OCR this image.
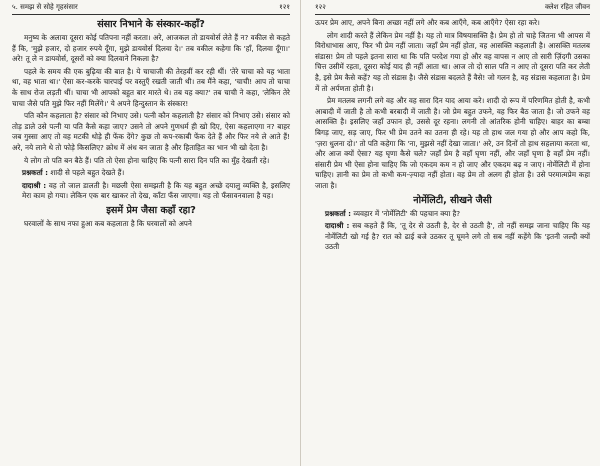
५. समझ से सोहे गृहसंसार	१२१
संसार निभाने के संस्कार-कहाँ?

मनुष्य के अलावा दूसरा कोई पतिपना नहीं करता। अरे, आजकल तो डायवोर्स लेते हैं न? वकील से कहते हैं कि, 'मुझे हजार, दो हजार रुपये दूँगा, मुझे डायवोर्स दिलवा दे।' तब वकील कहेगा कि 'हाँ, दिलवा दूँगा।' अरे! तू ले न डायवोर्स, दूसरों को क्या दिलवाने निकला है?

पहले के समय की एक बुढ़िया की बात है। ये चाचाजी की तेरहवीं कर रही थीं। 'तेरे चाचा को यह भाता था, वह भाता था।' ऐसा कर-करके चारपाई पर वस्तुएँ रखती जाती थी। तब मैंने कहा, 'चाची! आप तो चाचा के साथ रोज लड़ती थीं। चाचा भी आपको बहुत बार मारते थे। तब यह क्या?' तब चाची ने कहा, 'लेकिन तेरे चाचा जैसे पति मुझे फिर नहीं मिलेंगे।' ये अपने हिन्दुस्तान के संस्कार!

पति कौन कहलाता है? संसार को निभाए उसे। पत्नी कौन कहलाती है? संसार को निभाए उसे। संसार को तोड़ डाले उसे पत्नी या पति कैसे कहा जाए? उसने तो अपने गुणधर्म ही खो दिए, ऐसा कहलाएगा न? बाहर जब गुस्सा आए तो वह मटकी थोड़े ही फेंक देंगे? कुछ तो कप-रकाबी फेंक देते हैं और फिर नये ले आते हैं! अरे, नये लाने थे तो फोड़े किसलिए? क्रोध में अंध बन जाता है और हिताहित का भान भी खो देता है।

ये लोग तो पति बन बैठे हैं। पति तो ऐसा होना चाहिए कि पत्नी सारा दिन पति का मुँह देखती रहे।

प्रश्नकर्ता : शादी से पहले बहुत देखते हैं।

दादाश्री : वह तो जाल डालती है। मछली ऐसा समझती है कि यह बहुत अच्छे दयालु व्यक्ति है, इसलिए मेरा काम हो गया। लेकिन एक बार खाकर तो देख, काँटा फँस जाएगा। यह तो फँसावनवाला है यह।

इसमें प्रेम जैसा कहाँ रहा?

घरवालों के साथ नफा हुआ कब कहलाता है कि घरवालों को अपने

१२२	क्लेश रहित जीवन

ऊपर प्रेम आए, अपने बिना अच्छा नहीं लगे और कब आएँगे, कब आएँगे? ऐसा रहा करे।

लोग शादी करते हैं लेकिन प्रेम नहीं है। यह तो मात्र विषयासक्ति है। प्रेम हो तो चाहे जितना भी आपस में विरोधाभास आए, फिर भी प्रेम नहीं जाता। जहाँ प्रेम नहीं होता, वह आसक्ति कहलाती है। आसक्ति मतलब संडास! प्रेम तो पहले इतना सारा था कि पति परदेश गया हो और वह वापस न आए तो सारी ज़िंदगी उसका चित्त उसीमें रहता, दूसरा कोई याद ही नहीं आता था। आज तो दो साल पति न आए तो दूसरा पति कर लेती है, इसे प्रेम कैसे कहें? यह तो संडास है। जैसे संडास बदलते हैं वैसे! जो गलन है, वह संडास कहलाता है। प्रेम में तो अर्पणता होती है।

प्रेम मतलब लगनी लगे वह और वह सारा दिन याद आया करे। शादी दो रूप में परिणमित होती है, कभी आबादी में जाती है तो कभी बरबादी में जाती है। जो प्रेम बहुत उफने, वह फिर बैठ जाता है। जो उफने वह आसक्ति है। इसलिए जहाँ उफान हो, उससे दूर रहना। लगनी तो आंतरिक होनी चाहिए। बाहर का बम्बा बिगड़ जाए, सड़ जाए, फिर भी प्रेम उतने का उतना ही रहे। यह तो हाथ जल गया हो और आप कहो कि, 'ज़रा धुलना दो।' तो पति कहेगा कि 'ना, मुझसे नहीं देखा जाता।' अरे, उन दिनों तो हाथ सहलाया करता था, और आज क्यों ऐसा? यह घृणा कैसे चले? जहाँ प्रेम है वहाँ घृणा नहीं, और जहाँ घृणा है वहाँ प्रेम नहीं। संसारी प्रेम भी ऐसा होना चाहिए कि जो एकदम कम न हो जाए और एकदम बढ़ न जाए। नोर्मेलिटी में होना चाहिए। ज्ञानी का प्रेम तो कभी कम-ज़्यादा नहीं होता। वह प्रेम तो अलग ही होता है। उसे परमात्मप्रेम कहा जाता है।

नोर्मेलिटी, सीखने जैसी

प्रश्नकर्ता : व्यवहार में 'नोर्मेलिटी' की पहचान क्या है?

दादाश्री : सब कहते हैं कि, 'तू देर से उठती है, देर से उठती है', तो नहीं समझ जाना चाहिए कि यह नोर्मेलिटी खो गई है? रात को ढाई बजे उठकर तू घूमने लगे तो सब नहीं कहेंगे कि 'इतनी जल्दी क्यों उठती
